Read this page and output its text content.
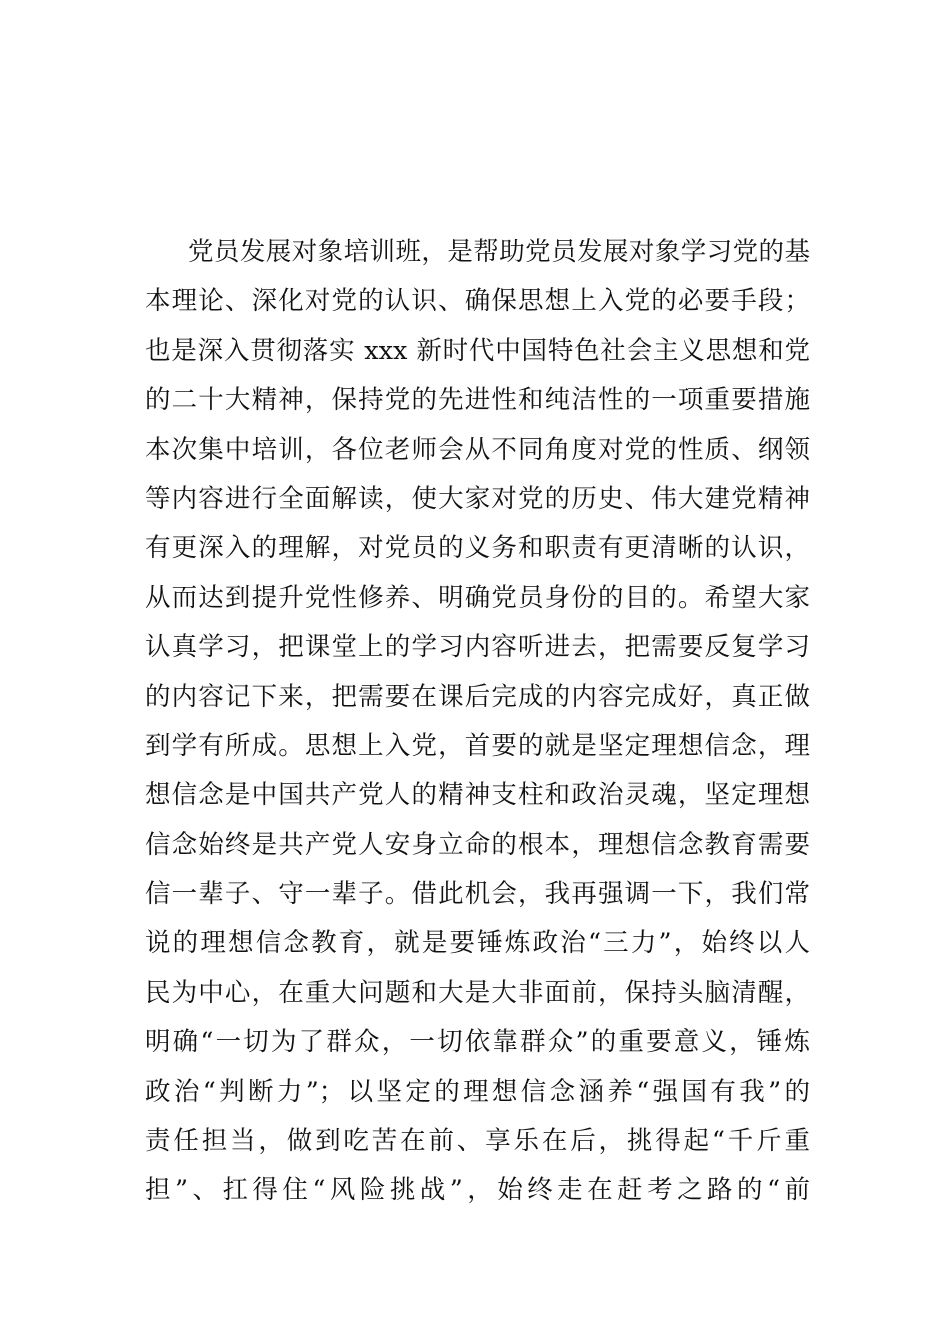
党员发展对象培训班，是帮助党员发展对象学习党的基
本理论、深化对党的认识、确保思想上入党的必要手段；
也是深入贯彻落实 xxx 新时代中国特色社会主义思想和党
的二十大精神，保持党的先进性和纯洁性的一项重要措施
本次集中培训，各位老师会从不同角度对党的性质、纲领
等内容进行全面解读，使大家对党的历史、伟大建党精神
有更深入的理解，对党员的义务和职责有更清晰的认识，
从而达到提升党性修养、明确党员身份的目的。希望大家
认真学习，把课堂上的学习内容听进去，把需要反复学习
的内容记下来，把需要在课后完成的内容完成好，真正做
到学有所成。思想上入党，首要的就是坚定理想信念，理
想信念是中国共产党人的精神支柱和政治灵魂，坚定理想
信念始终是共产党人安身立命的根本，理想信念教育需要
信一辈子、守一辈子。借此机会，我再强调一下，我们常
说的理想信念教育，就是要锤炼政治“三力”，始终以人
民为中心，在重大问题和大是大非面前，保持头脑清醒，
明确“一切为了群众，一切依靠群众”的重要意义，锤炼
政治“判断力”；以坚定的理想信念涵养“强国有我”的
责任担当，做到吃苦在前、享乐在后，挑得起“千斤重
担”、扛得住“风险挑战”，始终走在赶考之路的“前
